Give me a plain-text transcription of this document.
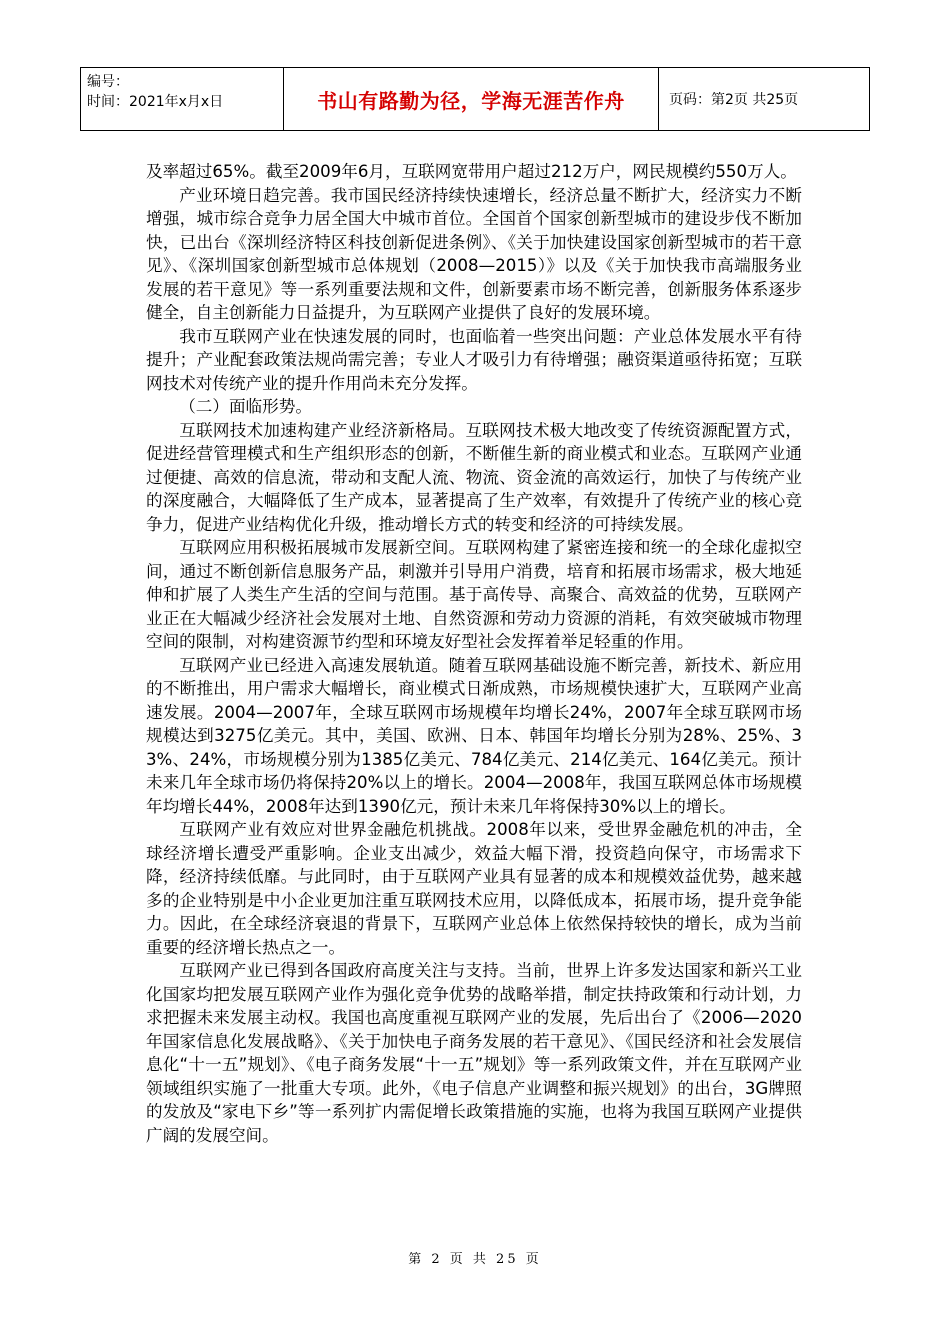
编号：
时间：2021年x月x日	书山有路勤为径，学海无涯苦作舟	页码：第2页 共25页

及率超过65%。截至2009年6月，互联网宽带用户超过212万户，网民规模约550万人。

产业环境日趋完善。我市国民经济持续快速增长，经济总量不断扩大，经济实力不断增强，城市综合竞争力居全国大中城市首位。全国首个国家创新型城市的建设步伐不断加快，已出台《深圳经济特区科技创新促进条例》、《关于加快建设国家创新型城市的若干意见》、《深圳国家创新型城市总体规划（2008—2015）》以及《关于加快我市高端服务业发展的若干意见》等一系列重要法规和文件，创新要素市场不断完善，创新服务体系逐步健全，自主创新能力日益提升，为互联网产业提供了良好的发展环境。

我市互联网产业在快速发展的同时，也面临着一些突出问题：产业总体发展水平有待提升；产业配套政策法规尚需完善；专业人才吸引力有待增强；融资渠道亟待拓宽；互联网技术对传统产业的提升作用尚未充分发挥。

（二）面临形势。

互联网技术加速构建产业经济新格局。互联网技术极大地改变了传统资源配置方式，促进经营管理模式和生产组织形态的创新，不断催生新的商业模式和业态。互联网产业通过便捷、高效的信息流，带动和支配人流、物流、资金流的高效运行，加快了与传统产业的深度融合，大幅降低了生产成本，显著提高了生产效率，有效提升了传统产业的核心竞争力，促进产业结构优化升级，推动增长方式的转变和经济的可持续发展。

互联网应用积极拓展城市发展新空间。互联网构建了紧密连接和统一的全球化虚拟空间，通过不断创新信息服务产品，刺激并引导用户消费，培育和拓展市场需求，极大地延伸和扩展了人类生产生活的空间与范围。基于高传导、高聚合、高效益的优势，互联网产业正在大幅减少经济社会发展对土地、自然资源和劳动力资源的消耗，有效突破城市物理空间的限制，对构建资源节约型和环境友好型社会发挥着举足轻重的作用。

互联网产业已经进入高速发展轨道。随着互联网基础设施不断完善，新技术、新应用的不断推出，用户需求大幅增长，商业模式日渐成熟，市场规模快速扩大，互联网产业高速发展。2004—2007年，全球互联网市场规模年均增长24%，2007年全球互联网市场规模达到3275亿美元。其中，美国、欧洲、日本、韩国年均增长分别为28%、25%、33%、24%，市场规模分别为1385亿美元、784亿美元、214亿美元、164亿美元。预计未来几年全球市场仍将保持20%以上的增长。2004—2008年，我国互联网总体市场规模年均增长44%，2008年达到1390亿元，预计未来几年将保持30%以上的增长。

互联网产业有效应对世界金融危机挑战。2008年以来，受世界金融危机的冲击，全球经济增长遭受严重影响。企业支出减少，效益大幅下滑，投资趋向保守，市场需求下降，经济持续低靡。与此同时，由于互联网产业具有显著的成本和规模效益优势，越来越多的企业特别是中小企业更加注重互联网技术应用，以降低成本，拓展市场，提升竞争能力。因此，在全球经济衰退的背景下，互联网产业总体上依然保持较快的增长，成为当前重要的经济增长热点之一。

互联网产业已得到各国政府高度关注与支持。当前，世界上许多发达国家和新兴工业化国家均把发展互联网产业作为强化竞争优势的战略举措，制定扶持政策和行动计划，力求把握未来发展主动权。我国也高度重视互联网产业的发展，先后出台了《2006—2020年国家信息化发展战略》、《关于加快电子商务发展的若干意见》、《国民经济和社会发展信息化“十一五”规划》、《电子商务发展“十一五”规划》等一系列政策文件，并在互联网产业领域组织实施了一批重大专项。此外，《电子信息产业调整和振兴规划》的出台，3G牌照的发放及“家电下乡”等一系列扩内需促增长政策措施的实施，也将为我国互联网产业提供广阔的发展空间。

第 2 页 共 25 页
